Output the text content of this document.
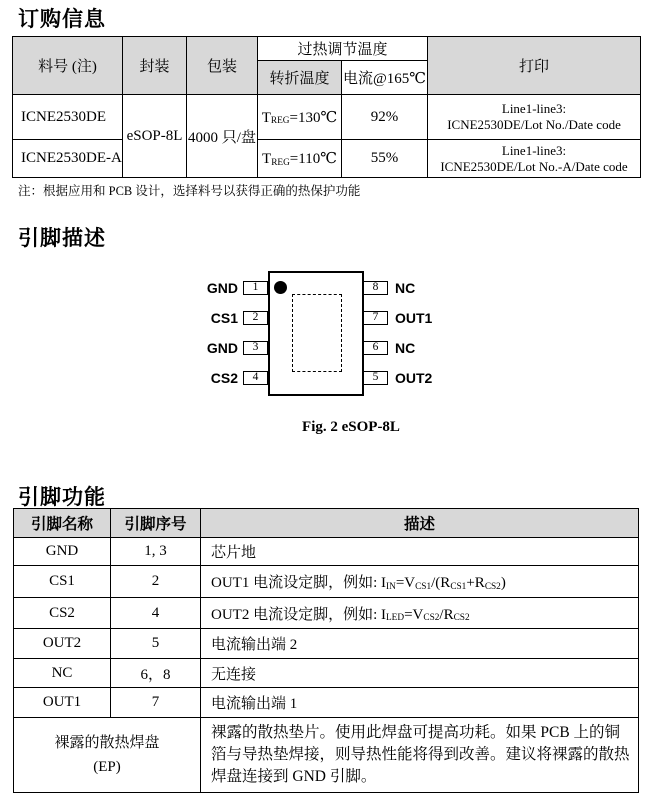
订购信息
料号 (注)	封装	包装	过热调节温度		打印
			转折温度	电流@165℃	
ICNE2530DE	eSOP-8L	4000 只/盘	$T_{REG}=130℃$	92%	Line1-line3:
ICNE2530DE/Lot No./Date code

ICNE2530DE-A			$T_{REG}=110℃$	55%	Line1-line3:
ICNE2530DE/Lot No.-A/Date code
注：根据应用和 PCB 设计，选择料号以获得正确的热保护功能
引脚描述
GND	1
CS1	2
GND	3
CS2	4
8	NC
7	OUT1
6	NC
5	OUT2
Fig. 2 eSOP-8L
引脚功能
引脚名称	引脚序号	描述
GND	1, 3	芯片地
CS1	2	OUT1 电流设定脚，例如: $I_{IN}=V_{CS1}/(R_{CS1}+R_{CS2})$
CS2	4	OUT2 电流设定脚，例如: $I_{LED}=V_{CS2}/R_{CS2}$
OUT2	5	电流输出端 2
NC	6，8	无连接
OUT1	7	电流输出端 1

裸露的散热焊盘
(EP)		裸露的散热垫片。使用此焊盘可提高功耗。如果 PCB 上的铜箔与导热垫焊接，则导热性能将得到改善。建议将裸露的散热焊盘连接到 GND 引脚。
